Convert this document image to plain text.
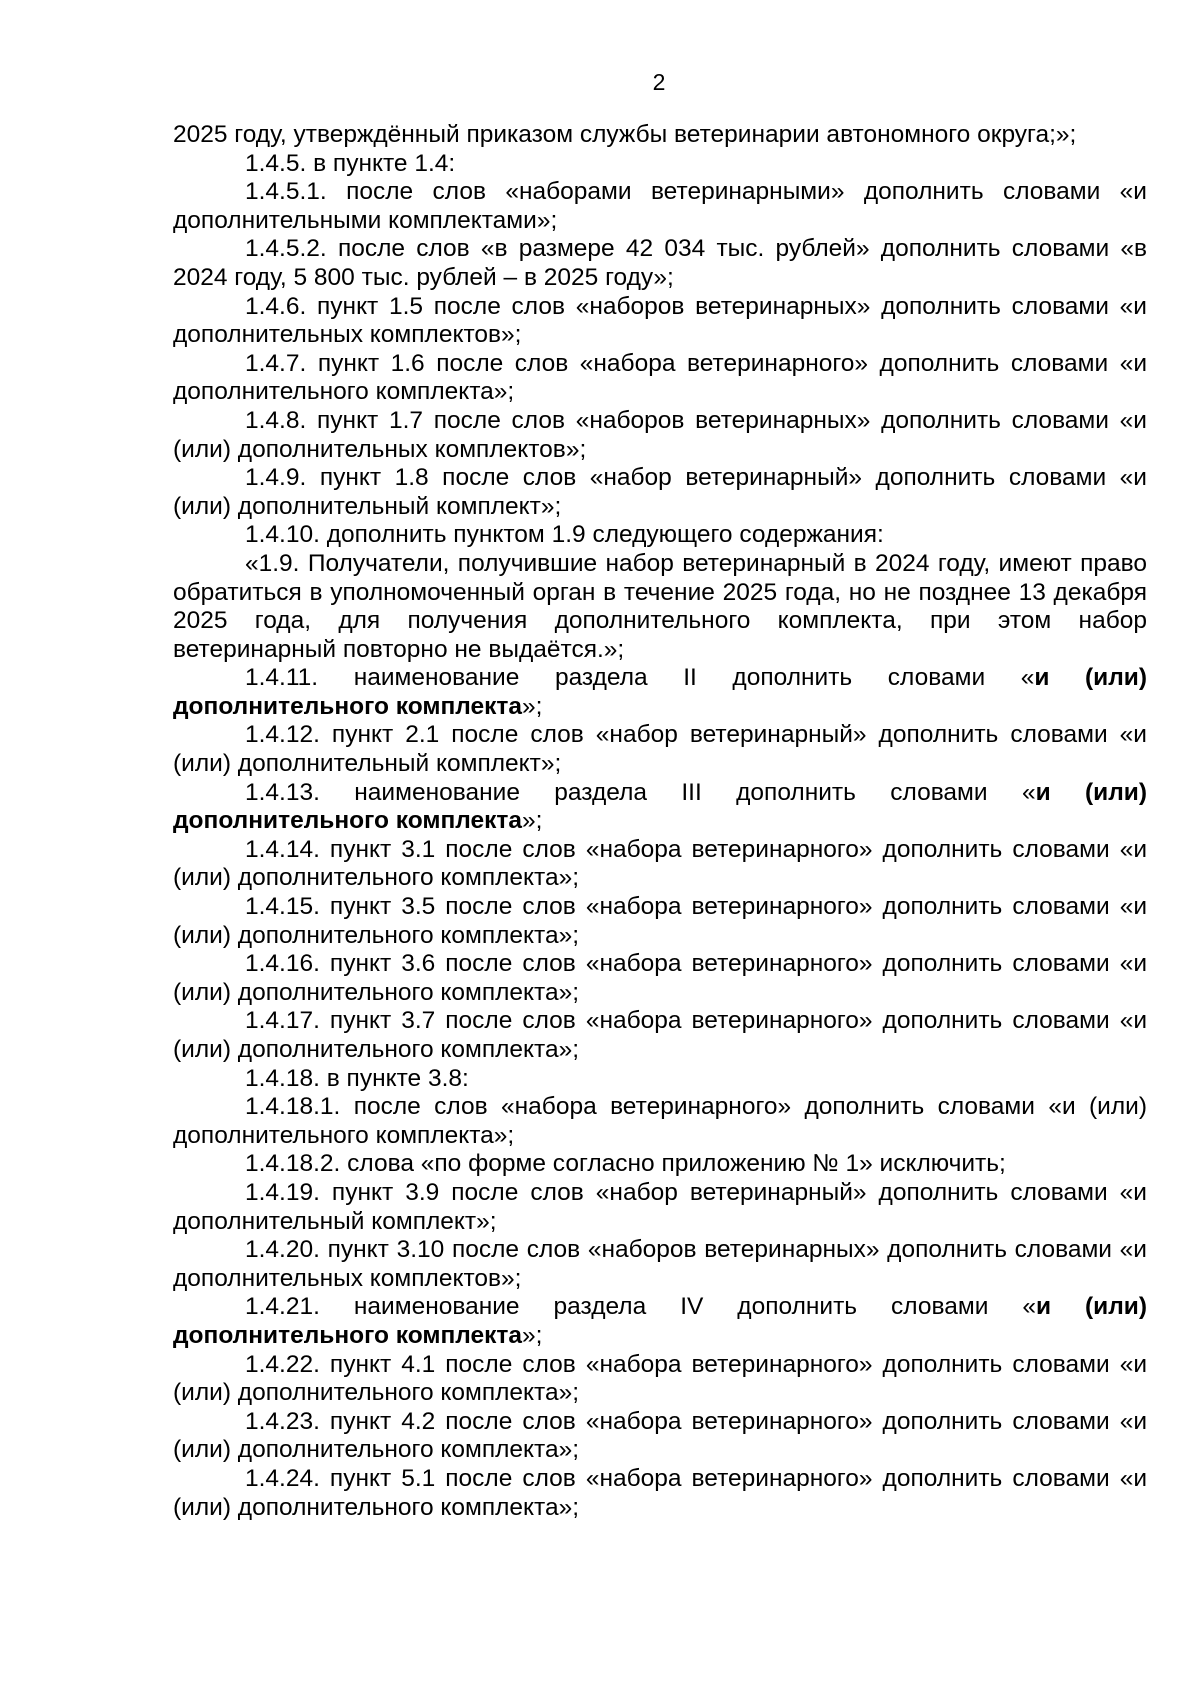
2

2025 году, утверждённый приказом службы ветеринарии автономного округа;»;

1.4.5. в пункте 1.4:

1.4.5.1. после слов «наборами ветеринарными» дополнить словами «и дополнительными комплектами»;

1.4.5.2. после слов «в размере 42 034 тыс. рублей» дополнить словами «в 2024 году, 5 800 тыс. рублей – в 2025 году»;

1.4.6. пункт 1.5 после слов «наборов ветеринарных» дополнить словами «и дополнительных комплектов»;

1.4.7. пункт 1.6 после слов «набора ветеринарного» дополнить словами «и дополнительного комплекта»;

1.4.8. пункт 1.7 после слов «наборов ветеринарных» дополнить словами «и (или) дополнительных комплектов»;

1.4.9. пункт 1.8 после слов «набор ветеринарный» дополнить словами «и (или) дополнительный комплект»;

1.4.10. дополнить пунктом 1.9 следующего содержания:

«1.9. Получатели, получившие набор ветеринарный в 2024 году, имеют право обратиться в уполномоченный орган в течение 2025 года, но не позднее 13 декабря 2025 года, для получения дополнительного комплекта, при этом набор ветеринарный повторно не выдаётся.»;

1.4.11. наименование раздела II дополнить словами «и (или) дополнительного комплекта»;

1.4.12. пункт 2.1 после слов «набор ветеринарный» дополнить словами «и (или) дополнительный комплект»;

1.4.13. наименование раздела III дополнить словами «и (или) дополнительного комплекта»;

1.4.14. пункт 3.1 после слов «набора ветеринарного» дополнить словами «и (или) дополнительного комплекта»;

1.4.15. пункт 3.5 после слов «набора ветеринарного» дополнить словами «и (или) дополнительного комплекта»;

1.4.16. пункт 3.6 после слов «набора ветеринарного» дополнить словами «и (или) дополнительного комплекта»;

1.4.17. пункт 3.7 после слов «набора ветеринарного» дополнить словами «и (или) дополнительного комплекта»;

1.4.18. в пункте 3.8:

1.4.18.1. после слов «набора ветеринарного» дополнить словами «и (или) дополнительного комплекта»;

1.4.18.2. слова «по форме согласно приложению № 1» исключить;

1.4.19. пункт 3.9 после слов «набор ветеринарный» дополнить словами «и дополнительный комплект»;

1.4.20. пункт 3.10 после слов «наборов ветеринарных» дополнить словами «и дополнительных комплектов»;

1.4.21. наименование раздела IV дополнить словами «и (или) дополнительного комплекта»;

1.4.22. пункт 4.1 после слов «набора ветеринарного» дополнить словами «и (или) дополнительного комплекта»;

1.4.23. пункт 4.2 после слов «набора ветеринарного» дополнить словами «и (или) дополнительного комплекта»;

1.4.24. пункт 5.1 после слов «набора ветеринарного» дополнить словами «и (или) дополнительного комплекта»;
